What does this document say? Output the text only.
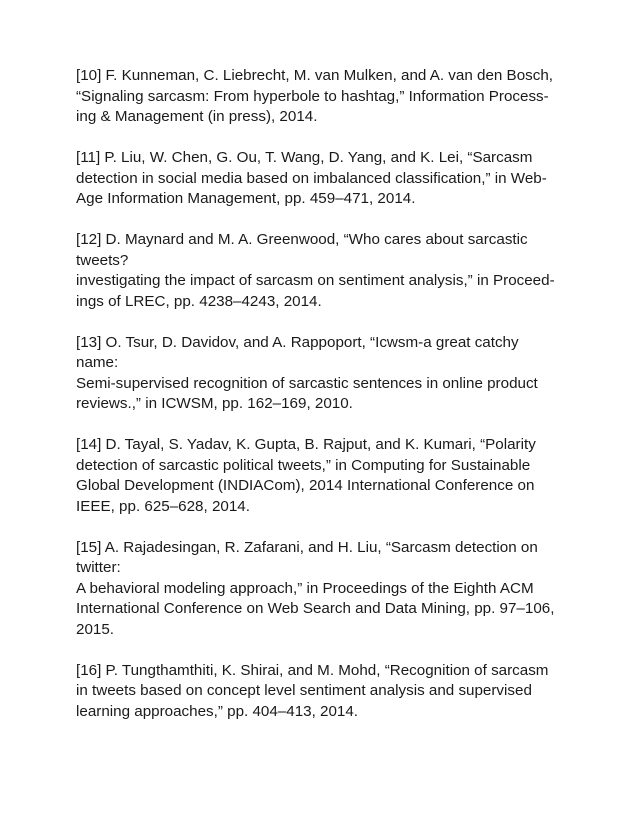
[10] F. Kunneman, C. Liebrecht, M. van Mulken, and A. van den Bosch,
“Signaling sarcasm: From hyperbole to hashtag,” Information Process-
ing & Management (in press), 2014.
[11] P. Liu, W. Chen, G. Ou, T. Wang, D. Yang, and K. Lei, “Sarcasm
detection in social media based on imbalanced classification,” in Web-
Age Information Management, pp. 459–471, 2014.
[12] D. Maynard and M. A. Greenwood, “Who cares about sarcastic
tweets?
investigating the impact of sarcasm on sentiment analysis,” in Proceed-
ings of LREC, pp. 4238–4243, 2014.
[13] O. Tsur, D. Davidov, and A. Rappoport, “Icwsm-a great catchy
name:
Semi-supervised recognition of sarcastic sentences in online product
reviews.,” in ICWSM, pp. 162–169, 2010.
[14] D. Tayal, S. Yadav, K. Gupta, B. Rajput, and K. Kumari, “Polarity
detection of sarcastic political tweets,” in Computing for Sustainable
Global Development (INDIACom), 2014 International Conference on
IEEE, pp. 625–628, 2014.
[15] A. Rajadesingan, R. Zafarani, and H. Liu, “Sarcasm detection on
twitter:
A behavioral modeling approach,” in Proceedings of the Eighth ACM
International Conference on Web Search and Data Mining, pp. 97–106,
2015.
[16] P. Tungthamthiti, K. Shirai, and M. Mohd, “Recognition of sarcasm
in tweets based on concept level sentiment analysis and supervised
learning approaches,” pp. 404–413, 2014.
